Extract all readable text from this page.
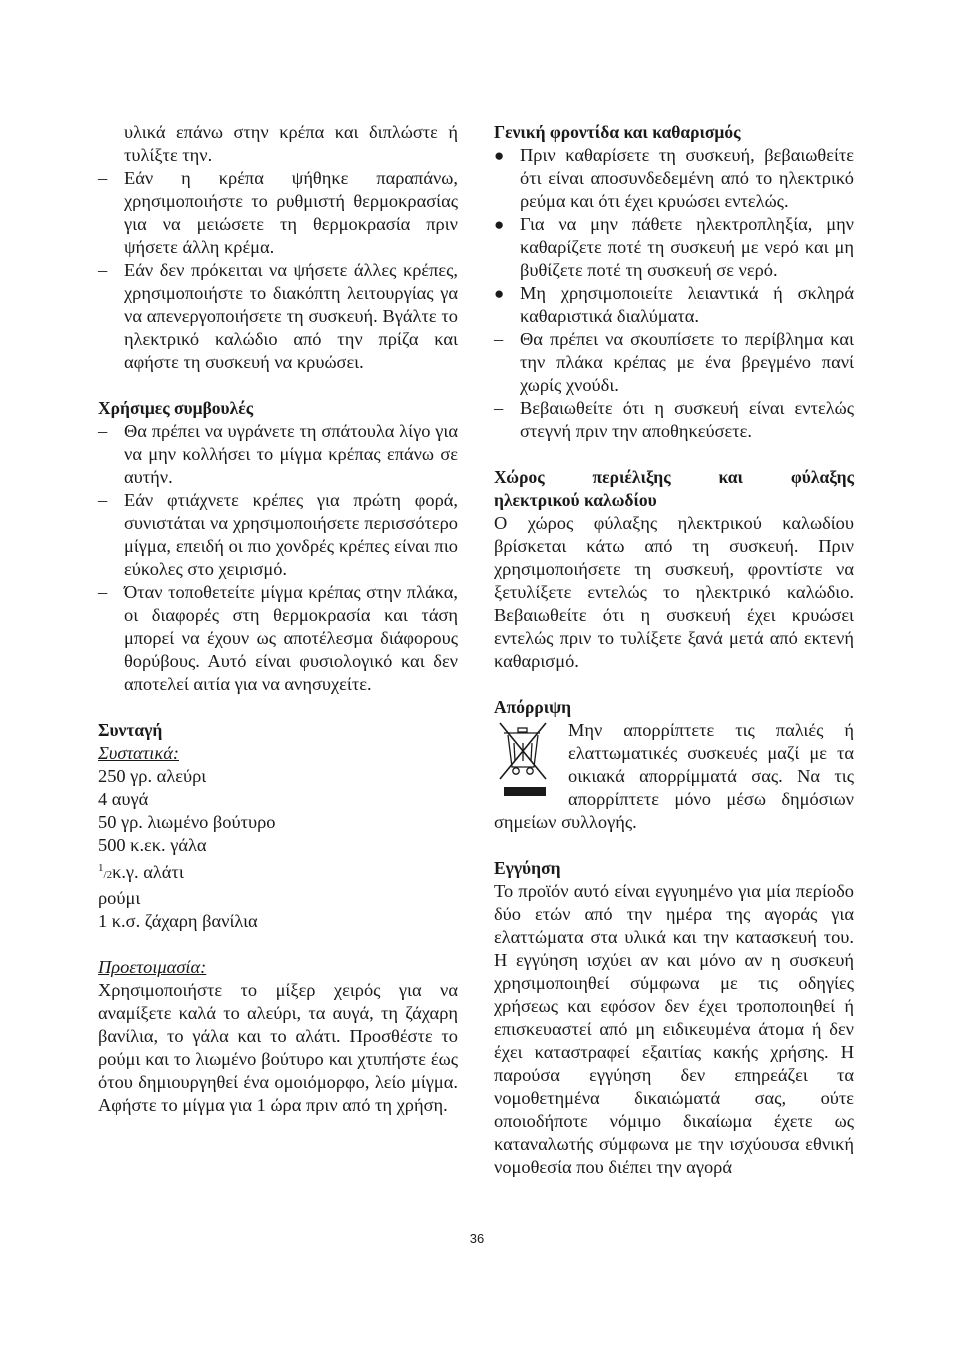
υλικά επάνω στην κρέπα και διπλώστε ή τυλίξτε την.

– Εάν η κρέπα ψήθηκε παραπάνω, χρησιμοποιήστε το ρυθμιστή θερμοκρασίας για να μειώσετε τη θερμοκρασία πριν ψήσετε άλλη κρέμα.
– Εάν δεν πρόκειται να ψήσετε άλλες κρέπες, χρησιμοποιήστε το διακόπτη λειτουργίας γα να απενεργοποιήσετε τη συσκευή. Βγάλτε το ηλεκτρικό καλώδιο από την πρίζα και αφήστε τη συσκευή να κρυώσει.
Χρήσιμες συμβουλές
– Θα πρέπει να υγράνετε τη σπάτουλα λίγο για να μην κολλήσει το μίγμα κρέπας επάνω σε αυτήν.
– Εάν φτιάχνετε κρέπες για πρώτη φορά, συνιστάται να χρησιμοποιήσετε περισσότερο μίγμα, επειδή οι πιο χονδρές κρέπες είναι πιο εύκολες στο χειρισμό.
– Όταν τοποθετείτε μίγμα κρέπας στην πλάκα, οι διαφορές στη θερμοκρασία και τάση μπορεί να έχουν ως αποτέλεσμα διάφορους θορύβους. Αυτό είναι φυσιολογικό και δεν αποτελεί αιτία για να ανησυχείτε.
Συνταγή

Συστατικά:

250 γρ. αλεύρι

4 αυγά

50 γρ. λιωμένο βούτυρο

500 κ.εκ. γάλα

$^1$/2κ.γ. αλάτι

ρούμι

1 κ.σ. ζάχαρη βανίλια

Προετοιμασία:

Χρησιμοποιήστε το μίξερ χειρός για να αναμίξετε καλά το αλεύρι, τα αυγά, τη ζάχαρη βανίλια, το γάλα και το αλάτι. Προσθέστε το ρούμι και το λιωμένο βούτυρο και χτυπήστε έως ότου δημιουργηθεί ένα ομοιόμορφο, λείο μίγμα. Αφήστε το μίγμα για 1 ώρα πριν από τη χρήση.

Γενική φροντίδα και καθαρισμός
● Πριν καθαρίσετε τη συσκευή, βεβαιωθείτε ότι είναι αποσυνδεδεμένη από το ηλεκτρικό ρεύμα και ότι έχει κρυώσει εντελώς.
● Για να μην πάθετε ηλεκτροπληξία, μην καθαρίζετε ποτέ τη συσκευή με νερό και μη βυθίζετε ποτέ τη συσκευή σε νερό.
● Μη χρησιμοποιείτε λειαντικά ή σκληρά καθαριστικά διαλύματα.
– Θα πρέπει να σκουπίσετε το περίβλημα και την πλάκα κρέπας με ένα βρεγμένο πανί χωρίς χνούδι.
– Βεβαιωθείτε ότι η συσκευή είναι εντελώς στεγνή πριν την αποθηκεύσετε.
Χώρος περιέλιξης και φύλαξης
ηλεκτρικού καλωδίου

Ο χώρος φύλαξης ηλεκτρικού καλωδίου βρίσκεται κάτω από τη συσκευή. Πριν χρησιμοποιήσετε τη συσκευή, φροντίστε να ξετυλίξετε εντελώς το ηλεκτρικό καλώδιο. Βεβαιωθείτε ότι η συσκευή έχει κρυώσει εντελώς πριν το τυλίξετε ξανά μετά από εκτενή καθαρισμό.

Απόρριψη

Μην απορρίπτετε τις παλιές ή ελαττωματικές συσκευές μαζί με τα οικιακά απορρίμματά σας. Να τις απορρίπτετε μόνο μέσω δημόσιων σημείων συλλογής.

Εγγύηση

Το προϊόν αυτό είναι εγγυημένο για μία περίοδο δύο ετών από την ημέρα της αγοράς για ελαττώματα στα υλικά και την κατασκευή του. Η εγγύηση ισχύει αν και μόνο αν η συσκευή χρησιμοποιηθεί σύμφωνα με τις οδηγίες χρήσεως και εφόσον δεν έχει τροποποιηθεί ή επισκευαστεί από μη ειδικευμένα άτομα ή δεν έχει καταστραφεί εξαιτίας κακής χρήσης. Η παρούσα εγγύηση δεν επηρεάζει τα νομοθετημένα δικαιώματά σας, ούτε οποιοδήποτε νόμιμο δικαίωμα έχετε ως καταναλωτής σύμφωνα με την ισχύουσα εθνική νομοθεσία που διέπει την αγορά

36
